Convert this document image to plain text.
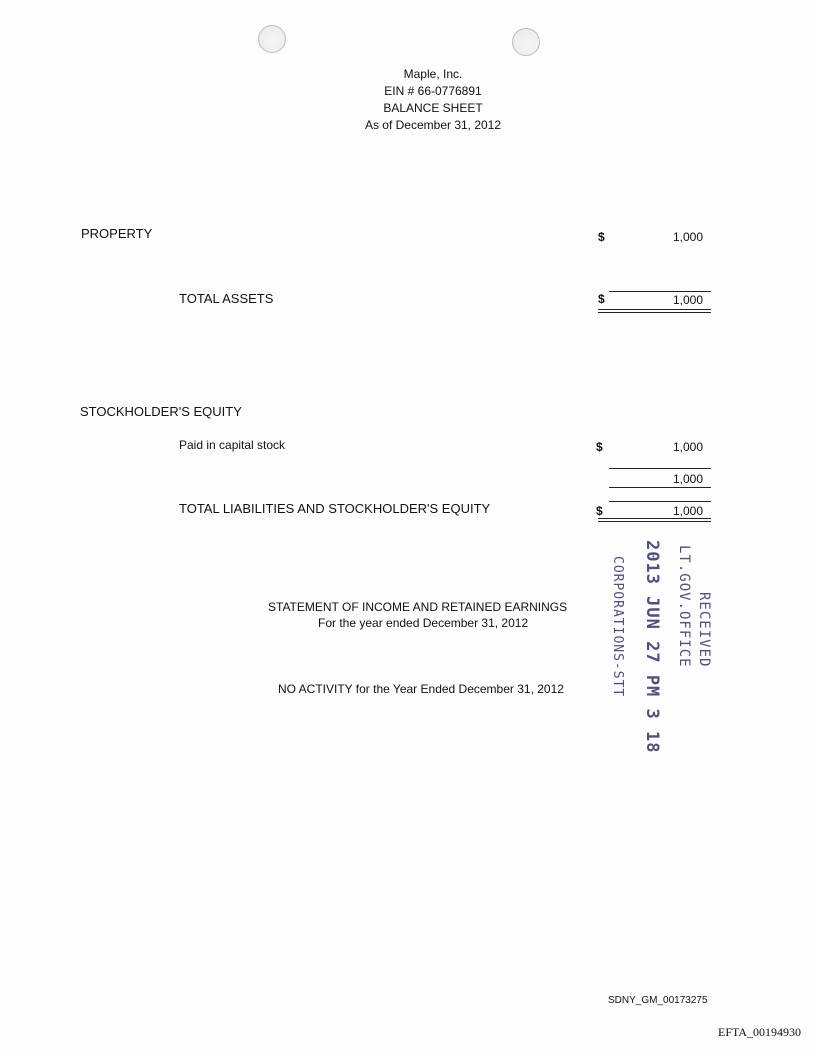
Maple, Inc.
EIN # 66-0776891
BALANCE SHEET
As of December 31, 2012
PROPERTY	$	1,000
TOTAL ASSETS	$	1,000
STOCKHOLDER'S EQUITY
Paid in capital stock	$	1,000
1,000
TOTAL LIABILITIES AND STOCKHOLDER'S EQUITY	$	1,000
STATEMENT OF INCOME AND RETAINED EARNINGS
For the year ended December 31, 2012
NO ACTIVITY for the Year Ended December 31, 2012
RECEIVED
LT.GOV.OFFICE
2013 JUN 27 PM 3 18
CORPORATIONS-STT
SDNY_GM_00173275
EFTA_00194930
